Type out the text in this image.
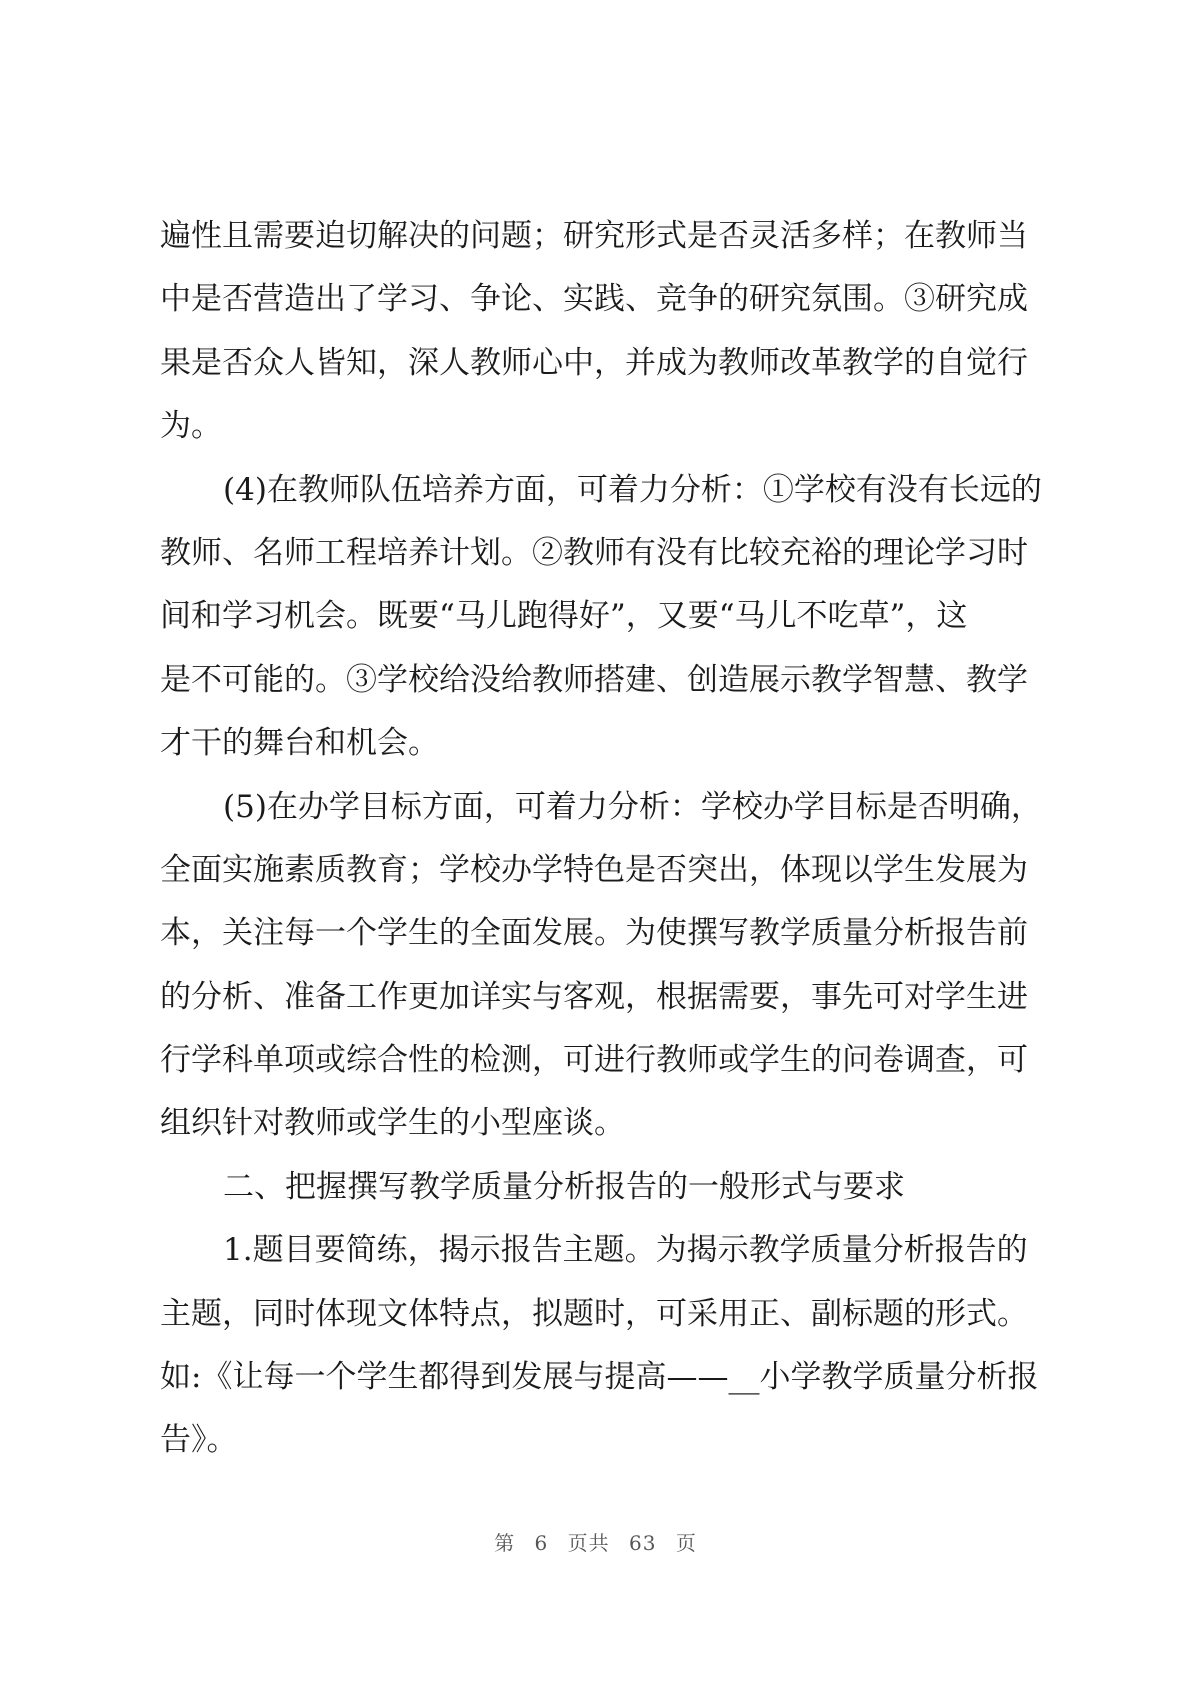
遍性且需要迫切解决的问题；研究形式是否灵活多样；在教师当
中是否营造出了学习、争论、实践、竞争的研究氛围。③研究成
果是否众人皆知，深人教师心中，并成为教师改革教学的自觉行
为。
(4)在教师队伍培养方面，可着力分析：①学校有没有长远的
教师、名师工程培养计划。②教师有没有比较充裕的理论学习时
间和学习机会。既要“马儿跑得好”，又要“马儿不吃草”，这
是不可能的。③学校给没给教师搭建、创造展示教学智慧、教学
才干的舞台和机会。
(5)在办学目标方面，可着力分析：学校办学目标是否明确，
全面实施素质教育；学校办学特色是否突出，体现以学生发展为
本，关注每一个学生的全面发展。为使撰写教学质量分析报告前
的分析、准备工作更加详实与客观，根据需要，事先可对学生进
行学科单项或综合性的检测，可进行教师或学生的问卷调查，可
组织针对教师或学生的小型座谈。
二、把握撰写教学质量分析报告的一般形式与要求
1.题目要简练，揭示报告主题。为揭示教学质量分析报告的
主题，同时体现文体特点，拟题时，可采用正、副标题的形式。
如:《让每一个学生都得到发展与提高——__小学教学质量分析报
告》。
第 6 页共 63 页
